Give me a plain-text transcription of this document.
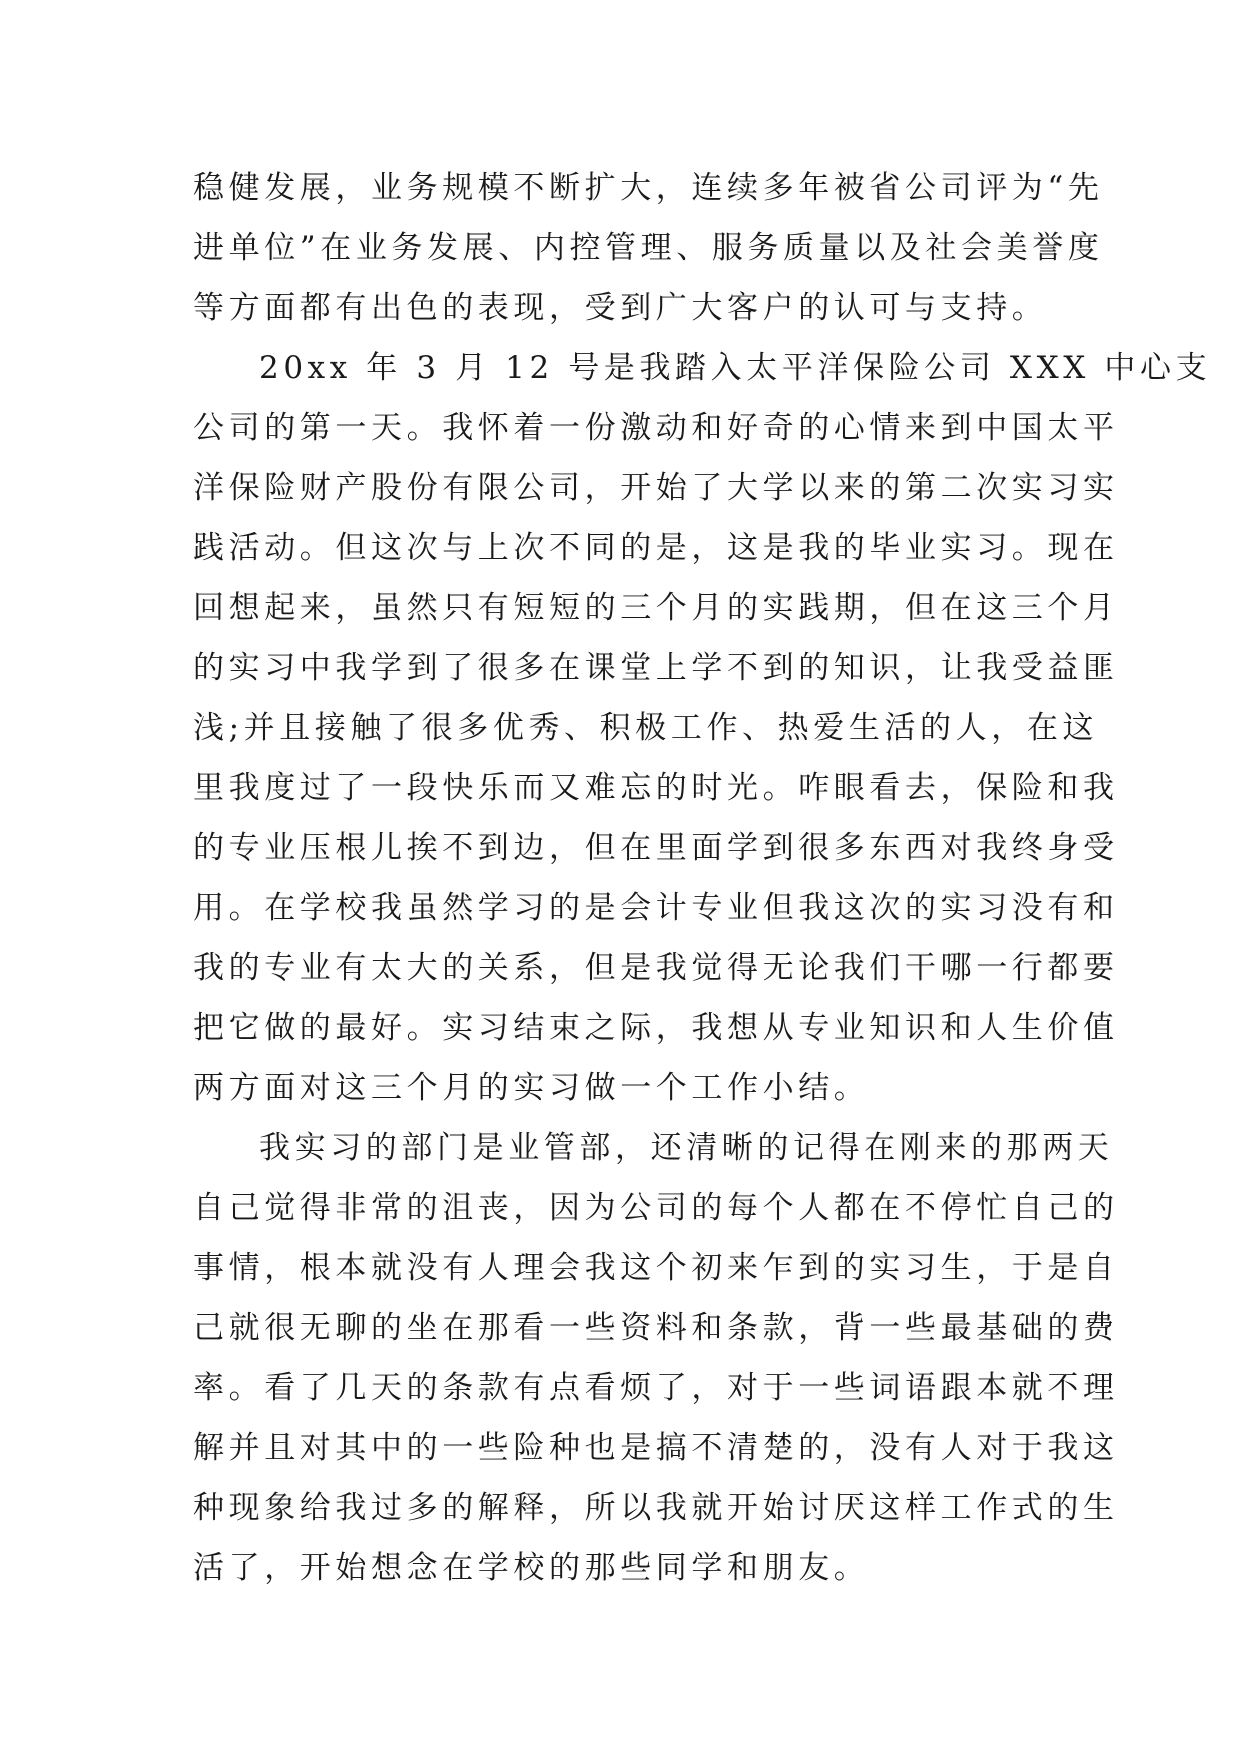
稳健发展，业务规模不断扩大，连续多年被省公司评为“先
进单位”在业务发展、内控管理、服务质量以及社会美誉度
等方面都有出色的表现，受到广大客户的认可与支持。
20xx 年 3 月 12 号是我踏入太平洋保险公司 XXX 中心支
公司的第一天。我怀着一份激动和好奇的心情来到中国太平
洋保险财产股份有限公司，开始了大学以来的第二次实习实
践活动。但这次与上次不同的是，这是我的毕业实习。现在
回想起来，虽然只有短短的三个月的实践期，但在这三个月
的实习中我学到了很多在课堂上学不到的知识，让我受益匪
浅;并且接触了很多优秀、积极工作、热爱生活的人，在这
里我度过了一段快乐而又难忘的时光。咋眼看去，保险和我
的专业压根儿挨不到边，但在里面学到很多东西对我终身受
用。在学校我虽然学习的是会计专业但我这次的实习没有和
我的专业有太大的关系，但是我觉得无论我们干哪一行都要
把它做的最好。实习结束之际，我想从专业知识和人生价值
两方面对这三个月的实习做一个工作小结。
我实习的部门是业管部，还清晰的记得在刚来的那两天
自己觉得非常的沮丧，因为公司的每个人都在不停忙自己的
事情，根本就没有人理会我这个初来乍到的实习生，于是自
己就很无聊的坐在那看一些资料和条款，背一些最基础的费
率。看了几天的条款有点看烦了，对于一些词语跟本就不理
解并且对其中的一些险种也是搞不清楚的，没有人对于我这
种现象给我过多的解释，所以我就开始讨厌这样工作式的生
活了，开始想念在学校的那些同学和朋友。
